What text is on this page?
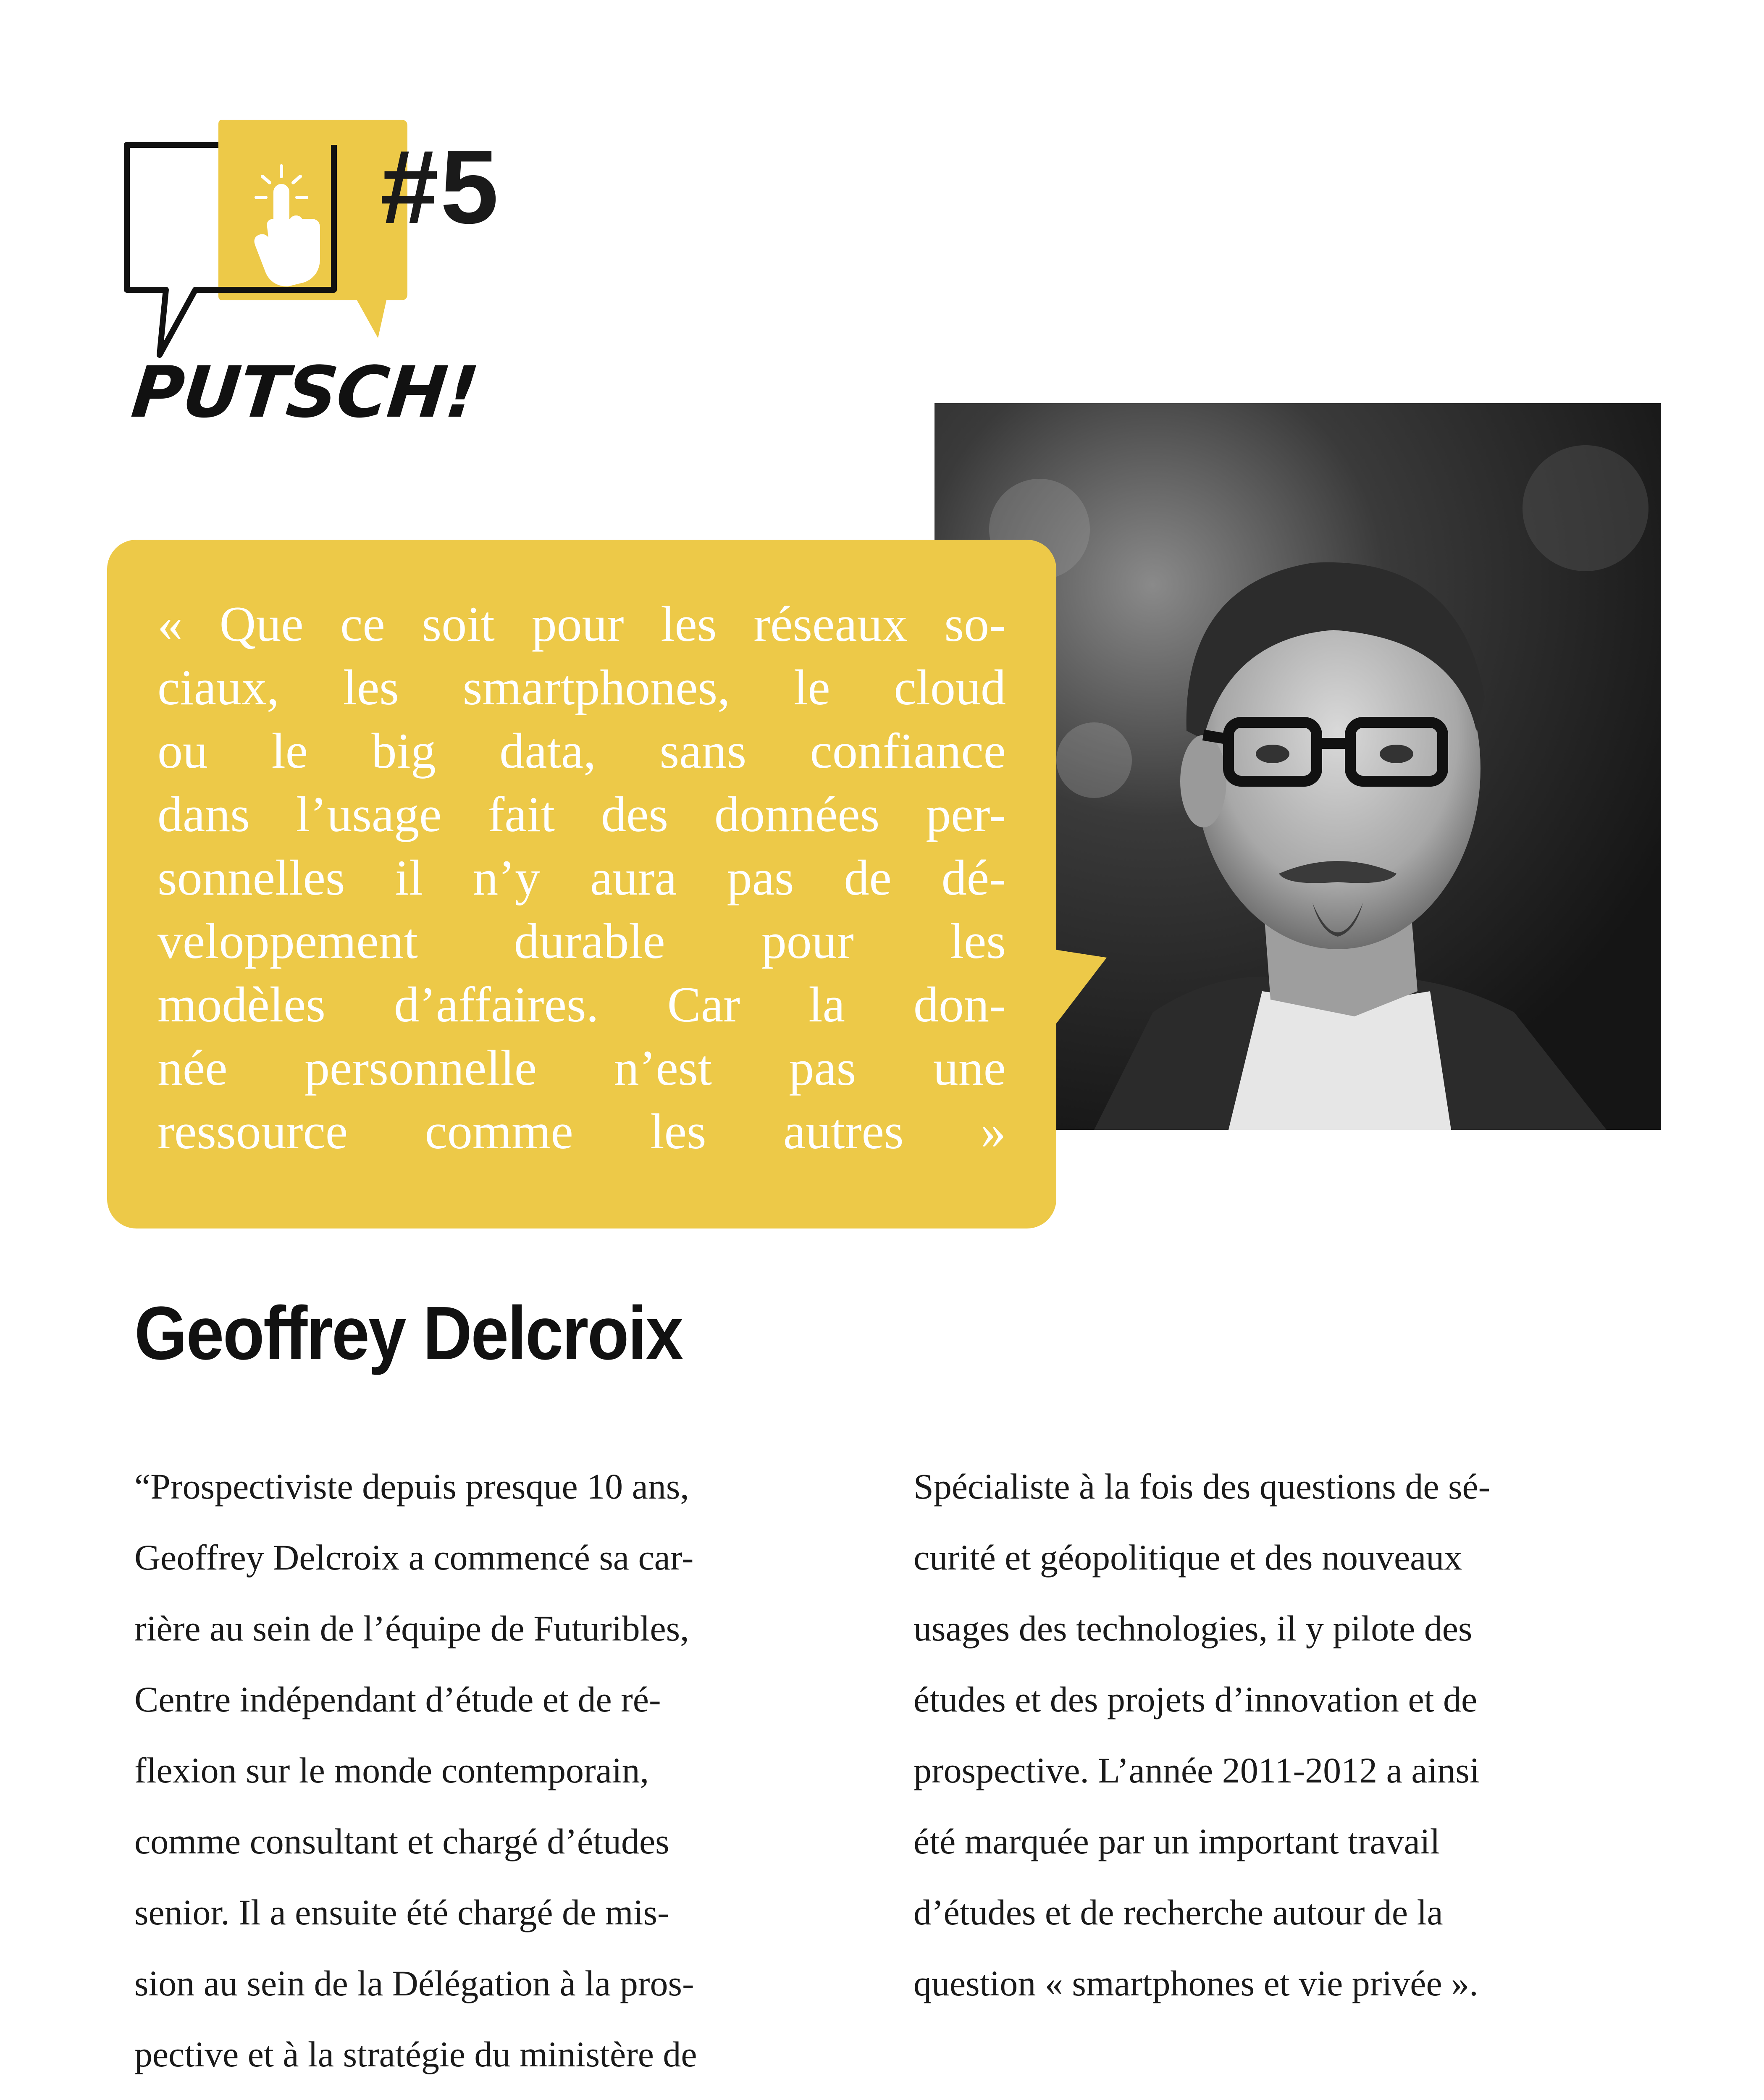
#5
PUTSCH!
« Que ce soit pour les réseaux so-
ciaux, les smartphones, le cloud
ou le big data, sans confiance
dans l’usage fait des données per-
sonnelles il n’y aura pas de dé-
veloppement durable pour les
modèles d’affaires. Car la don-
née personnelle n’est pas une
ressource comme les autres »
Geoffrey Delcroix
“Prospectiviste depuis presque 10 ans,
Geoffrey Delcroix a commencé sa car-
rière au sein de l’équipe de Futuribles,
Centre indépendant d’étude et de ré-
flexion sur le monde contemporain,
comme consultant et chargé d’études
senior. Il a ensuite été chargé de mis-
sion au sein de la Délégation à la pros-
pective et à la stratégie du ministère de
Spécialiste à la fois des questions de sé-
curité et géopolitique et des nouveaux
usages des technologies, il y pilote des
études et des projets d’innovation et de
prospective. L’année 2011-2012 a ainsi
été marquée par un important travail
d’études et de recherche autour de la
question « smartphones et vie privée ».
